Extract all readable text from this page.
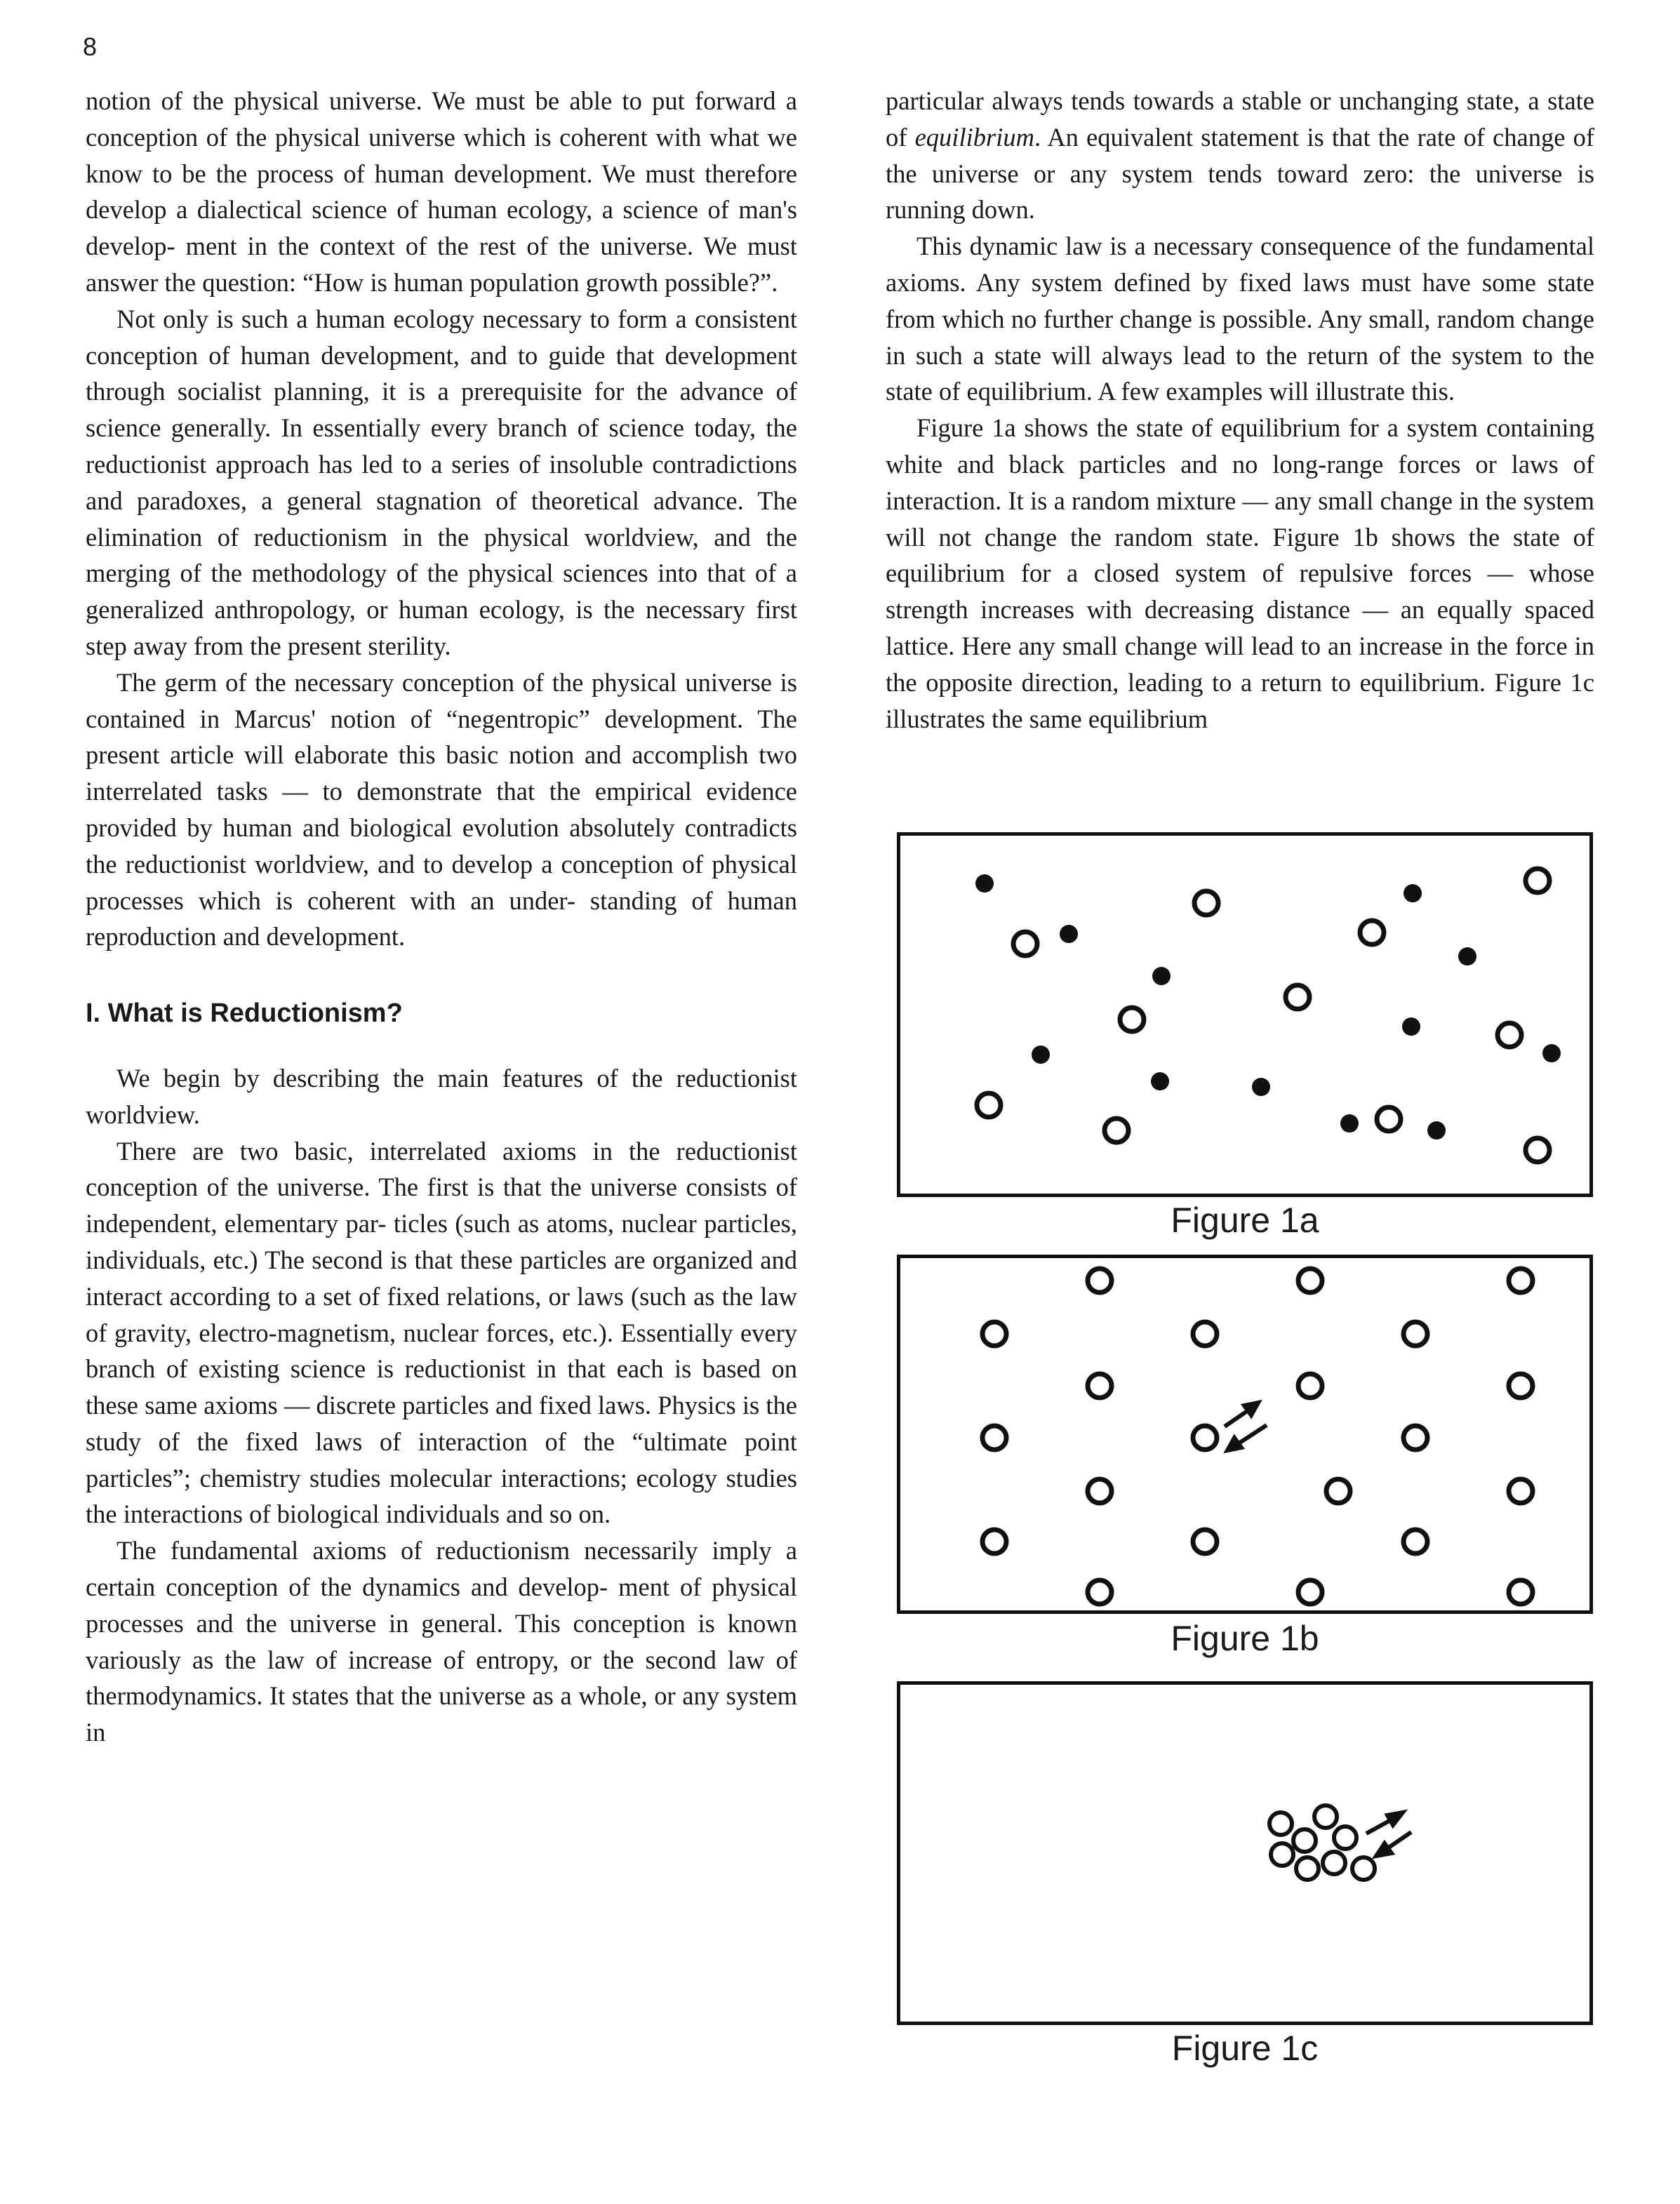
8

notion of the physical universe. We must be able to put forward a conception of the physical universe which is coherent with what we know to be the process of human development. We must therefore develop a dialectical science of human ecology, a science of man's develop- ment in the context of the rest of the universe. We must answer the question: “How is human population growth possible?”.

Not only is such a human ecology necessary to form a consistent conception of human development, and to guide that development through socialist planning, it is a prerequisite for the advance of science generally. In essentially every branch of science today, the reductionist approach has led to a series of insoluble contradictions and paradoxes, a general stagnation of theoretical advance. The elimination of reductionism in the physical worldview, and the merging of the methodology of the physical sciences into that of a generalized anthropology, or human ecology, is the necessary first step away from the present sterility.

The germ of the necessary conception of the physical universe is contained in Marcus' notion of “negentropic” development. The present article will elaborate this basic notion and accomplish two interrelated tasks — to demonstrate that the empirical evidence provided by human and biological evolution absolutely contradicts the reductionist worldview, and to develop a conception of physical processes which is coherent with an under- standing of human reproduction and development.

I. What is Reductionism?

We begin by describing the main features of the reductionist worldview.

There are two basic, interrelated axioms in the reductionist conception of the universe. The first is that the universe consists of independent, elementary par- ticles (such as atoms, nuclear particles, individuals, etc.) The second is that these particles are organized and interact according to a set of fixed relations, or laws (such as the law of gravity, electro-magnetism, nuclear forces, etc.). Essentially every branch of existing science is reductionist in that each is based on these same axioms — discrete particles and fixed laws. Physics is the study of the fixed laws of interaction of the “ultimate point particles”; chemistry studies molecular interactions; ecology studies the interactions of biological individuals and so on.

The fundamental axioms of reductionism necessarily imply a certain conception of the dynamics and develop- ment of physical processes and the universe in general. This conception is known variously as the law of increase of entropy, or the second law of thermodynamics. It states that the universe as a whole, or any system in

particular always tends towards a stable or unchanging state, a state of equilibrium. An equivalent statement is that the rate of change of the universe or any system tends toward zero: the universe is running down.

This dynamic law is a necessary consequence of the fundamental axioms. Any system defined by fixed laws must have some state from which no further change is possible. Any small, random change in such a state will always lead to the return of the system to the state of equilibrium. A few examples will illustrate this.

Figure 1a shows the state of equilibrium for a system containing white and black particles and no long-range forces or laws of interaction. It is a random mixture — any small change in the system will not change the random state. Figure 1b shows the state of equilibrium for a closed system of repulsive forces — whose strength increases with decreasing distance — an equally spaced lattice. Here any small change will lead to an increase in the force in the opposite direction, leading to a return to equilibrium. Figure 1c illustrates the same equilibrium

Figure 1a
Figure 1b
Figure 1c
